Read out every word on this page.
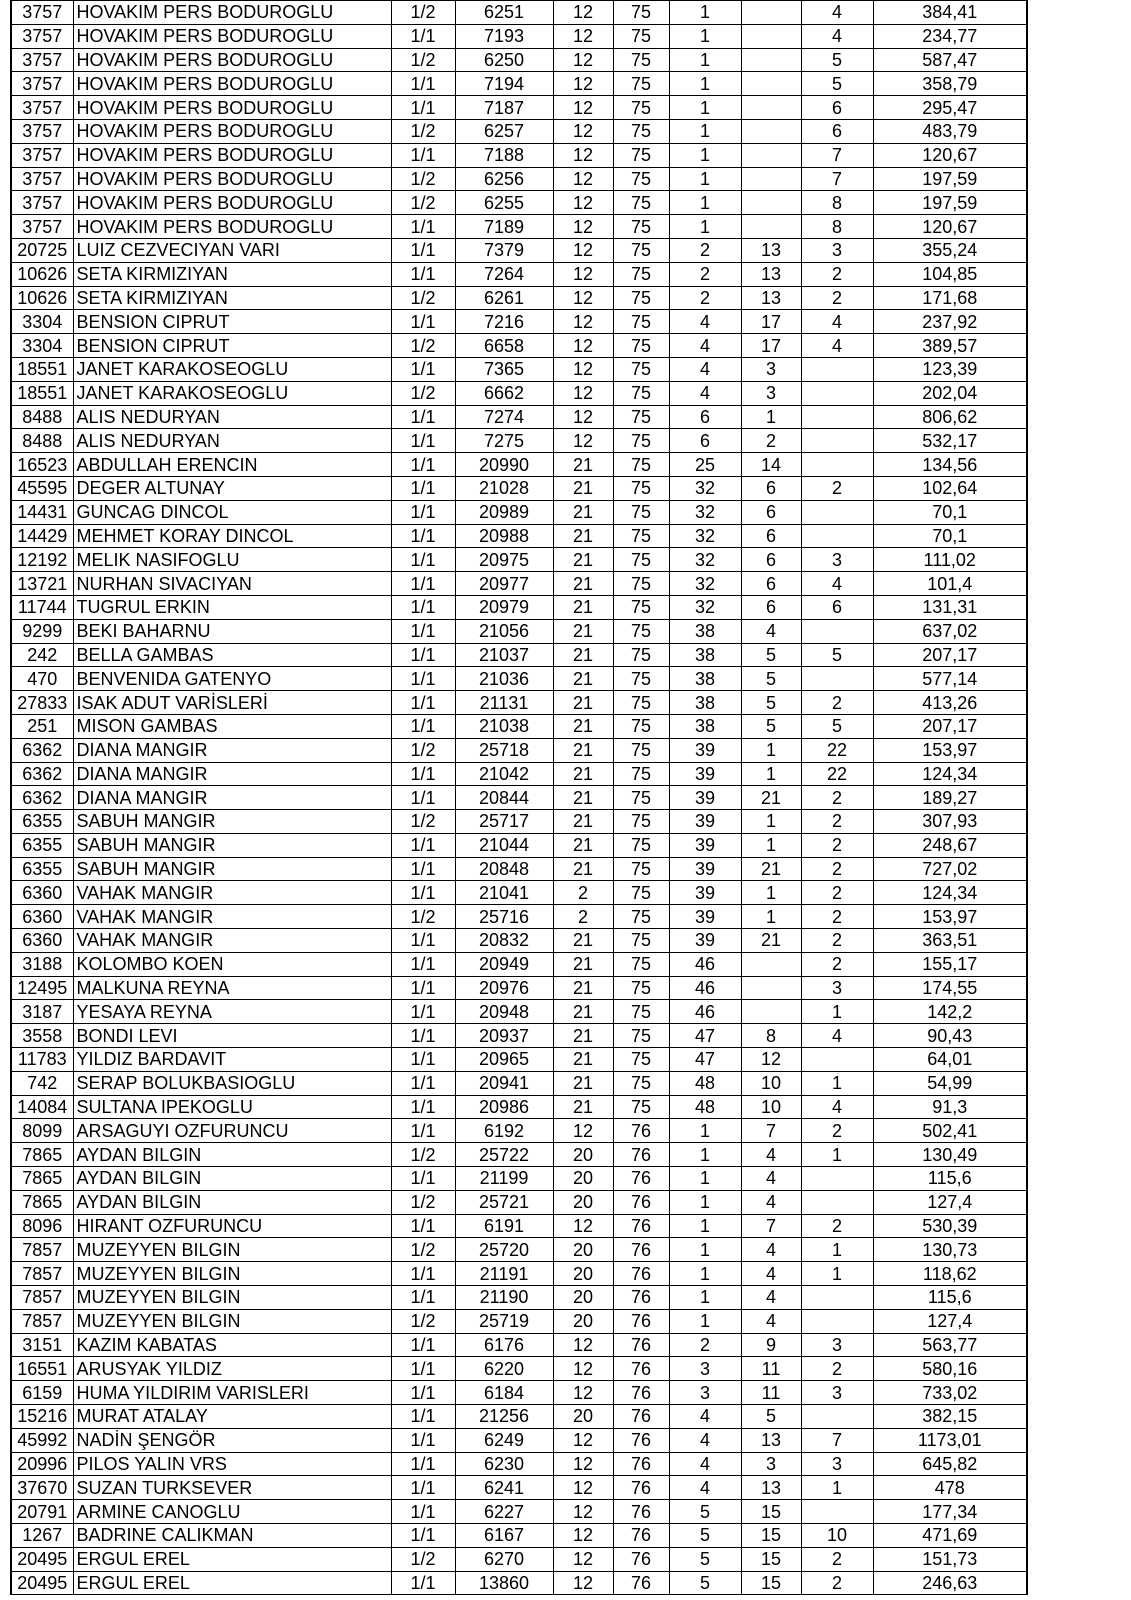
3757	HOVAKIM PERS BODUROGLU	1/2	6251	12	75	1		4	384,41
3757	HOVAKIM PERS BODUROGLU	1/1	7193	12	75	1		4	234,77
3757	HOVAKIM PERS BODUROGLU	1/2	6250	12	75	1		5	587,47
3757	HOVAKIM PERS BODUROGLU	1/1	7194	12	75	1		5	358,79
3757	HOVAKIM PERS BODUROGLU	1/1	7187	12	75	1		6	295,47
3757	HOVAKIM PERS BODUROGLU	1/2	6257	12	75	1		6	483,79
3757	HOVAKIM PERS BODUROGLU	1/1	7188	12	75	1		7	120,67
3757	HOVAKIM PERS BODUROGLU	1/2	6256	12	75	1		7	197,59
3757	HOVAKIM PERS BODUROGLU	1/2	6255	12	75	1		8	197,59
3757	HOVAKIM PERS BODUROGLU	1/1	7189	12	75	1		8	120,67
20725	LUIZ CEZVECIYAN VARI	1/1	7379	12	75	2	13	3	355,24
10626	SETA KIRMIZIYAN	1/1	7264	12	75	2	13	2	104,85
10626	SETA KIRMIZIYAN	1/2	6261	12	75	2	13	2	171,68
3304	BENSION CIPRUT	1/1	7216	12	75	4	17	4	237,92
3304	BENSION CIPRUT	1/2	6658	12	75	4	17	4	389,57
18551	JANET KARAKOSEOGLU	1/1	7365	12	75	4	3		123,39
18551	JANET KARAKOSEOGLU	1/2	6662	12	75	4	3		202,04
8488	ALIS NEDURYAN	1/1	7274	12	75	6	1		806,62
8488	ALIS NEDURYAN	1/1	7275	12	75	6	2		532,17
16523	ABDULLAH ERENCIN	1/1	20990	21	75	25	14		134,56
45595	DEGER ALTUNAY	1/1	21028	21	75	32	6	2	102,64
14431	GUNCAG DINCOL	1/1	20989	21	75	32	6		70,1
14429	MEHMET KORAY DINCOL	1/1	20988	21	75	32	6		70,1
12192	MELIK NASIFOGLU	1/1	20975	21	75	32	6	3	111,02
13721	NURHAN SIVACIYAN	1/1	20977	21	75	32	6	4	101,4
11744	TUGRUL ERKIN	1/1	20979	21	75	32	6	6	131,31
9299	BEKI BAHARNU	1/1	21056	21	75	38	4		637,02
242	BELLA GAMBAS	1/1	21037	21	75	38	5	5	207,17
470	BENVENIDA GATENYO	1/1	21036	21	75	38	5		577,14
27833	ISAK ADUT VARİSLERİ	1/1	21131	21	75	38	5	2	413,26
251	MISON GAMBAS	1/1	21038	21	75	38	5	5	207,17
6362	DIANA MANGIR	1/2	25718	21	75	39	1	22	153,97
6362	DIANA MANGIR	1/1	21042	21	75	39	1	22	124,34
6362	DIANA MANGIR	1/1	20844	21	75	39	21	2	189,27
6355	SABUH MANGIR	1/2	25717	21	75	39	1	2	307,93
6355	SABUH MANGIR	1/1	21044	21	75	39	1	2	248,67
6355	SABUH MANGIR	1/1	20848	21	75	39	21	2	727,02
6360	VAHAK MANGIR	1/1	21041	2	75	39	1	2	124,34
6360	VAHAK MANGIR	1/2	25716	2	75	39	1	2	153,97
6360	VAHAK MANGIR	1/1	20832	21	75	39	21	2	363,51
3188	KOLOMBO KOEN	1/1	20949	21	75	46		2	155,17
12495	MALKUNA REYNA	1/1	20976	21	75	46		3	174,55
3187	YESAYA REYNA	1/1	20948	21	75	46		1	142,2
3558	BONDI LEVI	1/1	20937	21	75	47	8	4	90,43
11783	YILDIZ BARDAVIT	1/1	20965	21	75	47	12		64,01
742	SERAP BOLUKBASIOGLU	1/1	20941	21	75	48	10	1	54,99
14084	SULTANA IPEKOGLU	1/1	20986	21	75	48	10	4	91,3
8099	ARSAGUYI OZFURUNCU	1/1	6192	12	76	1	7	2	502,41
7865	AYDAN BILGIN	1/2	25722	20	76	1	4	1	130,49
7865	AYDAN BILGIN	1/1	21199	20	76	1	4		115,6
7865	AYDAN BILGIN	1/2	25721	20	76	1	4		127,4
8096	HIRANT OZFURUNCU	1/1	6191	12	76	1	7	2	530,39
7857	MUZEYYEN BILGIN	1/2	25720	20	76	1	4	1	130,73
7857	MUZEYYEN BILGIN	1/1	21191	20	76	1	4	1	118,62
7857	MUZEYYEN BILGIN	1/1	21190	20	76	1	4		115,6
7857	MUZEYYEN BILGIN	1/2	25719	20	76	1	4		127,4
3151	KAZIM KABATAS	1/1	6176	12	76	2	9	3	563,77
16551	ARUSYAK YILDIZ	1/1	6220	12	76	3	11	2	580,16
6159	HUMA YILDIRIM VARISLERI	1/1	6184	12	76	3	11	3	733,02
15216	MURAT ATALAY	1/1	21256	20	76	4	5		382,15
45992	NADİN ŞENGÖR	1/1	6249	12	76	4	13	7	1173,01
20996	PILOS YALIN VRS	1/1	6230	12	76	4	3	3	645,82
37670	SUZAN TURKSEVER	1/1	6241	12	76	4	13	1	478
20791	ARMINE CANOGLU	1/1	6227	12	76	5	15		177,34
1267	BADRINE CALIKMAN	1/1	6167	12	76	5	15	10	471,69
20495	ERGUL EREL	1/2	6270	12	76	5	15	2	151,73
20495	ERGUL EREL	1/1	13860	12	76	5	15	2	246,63
